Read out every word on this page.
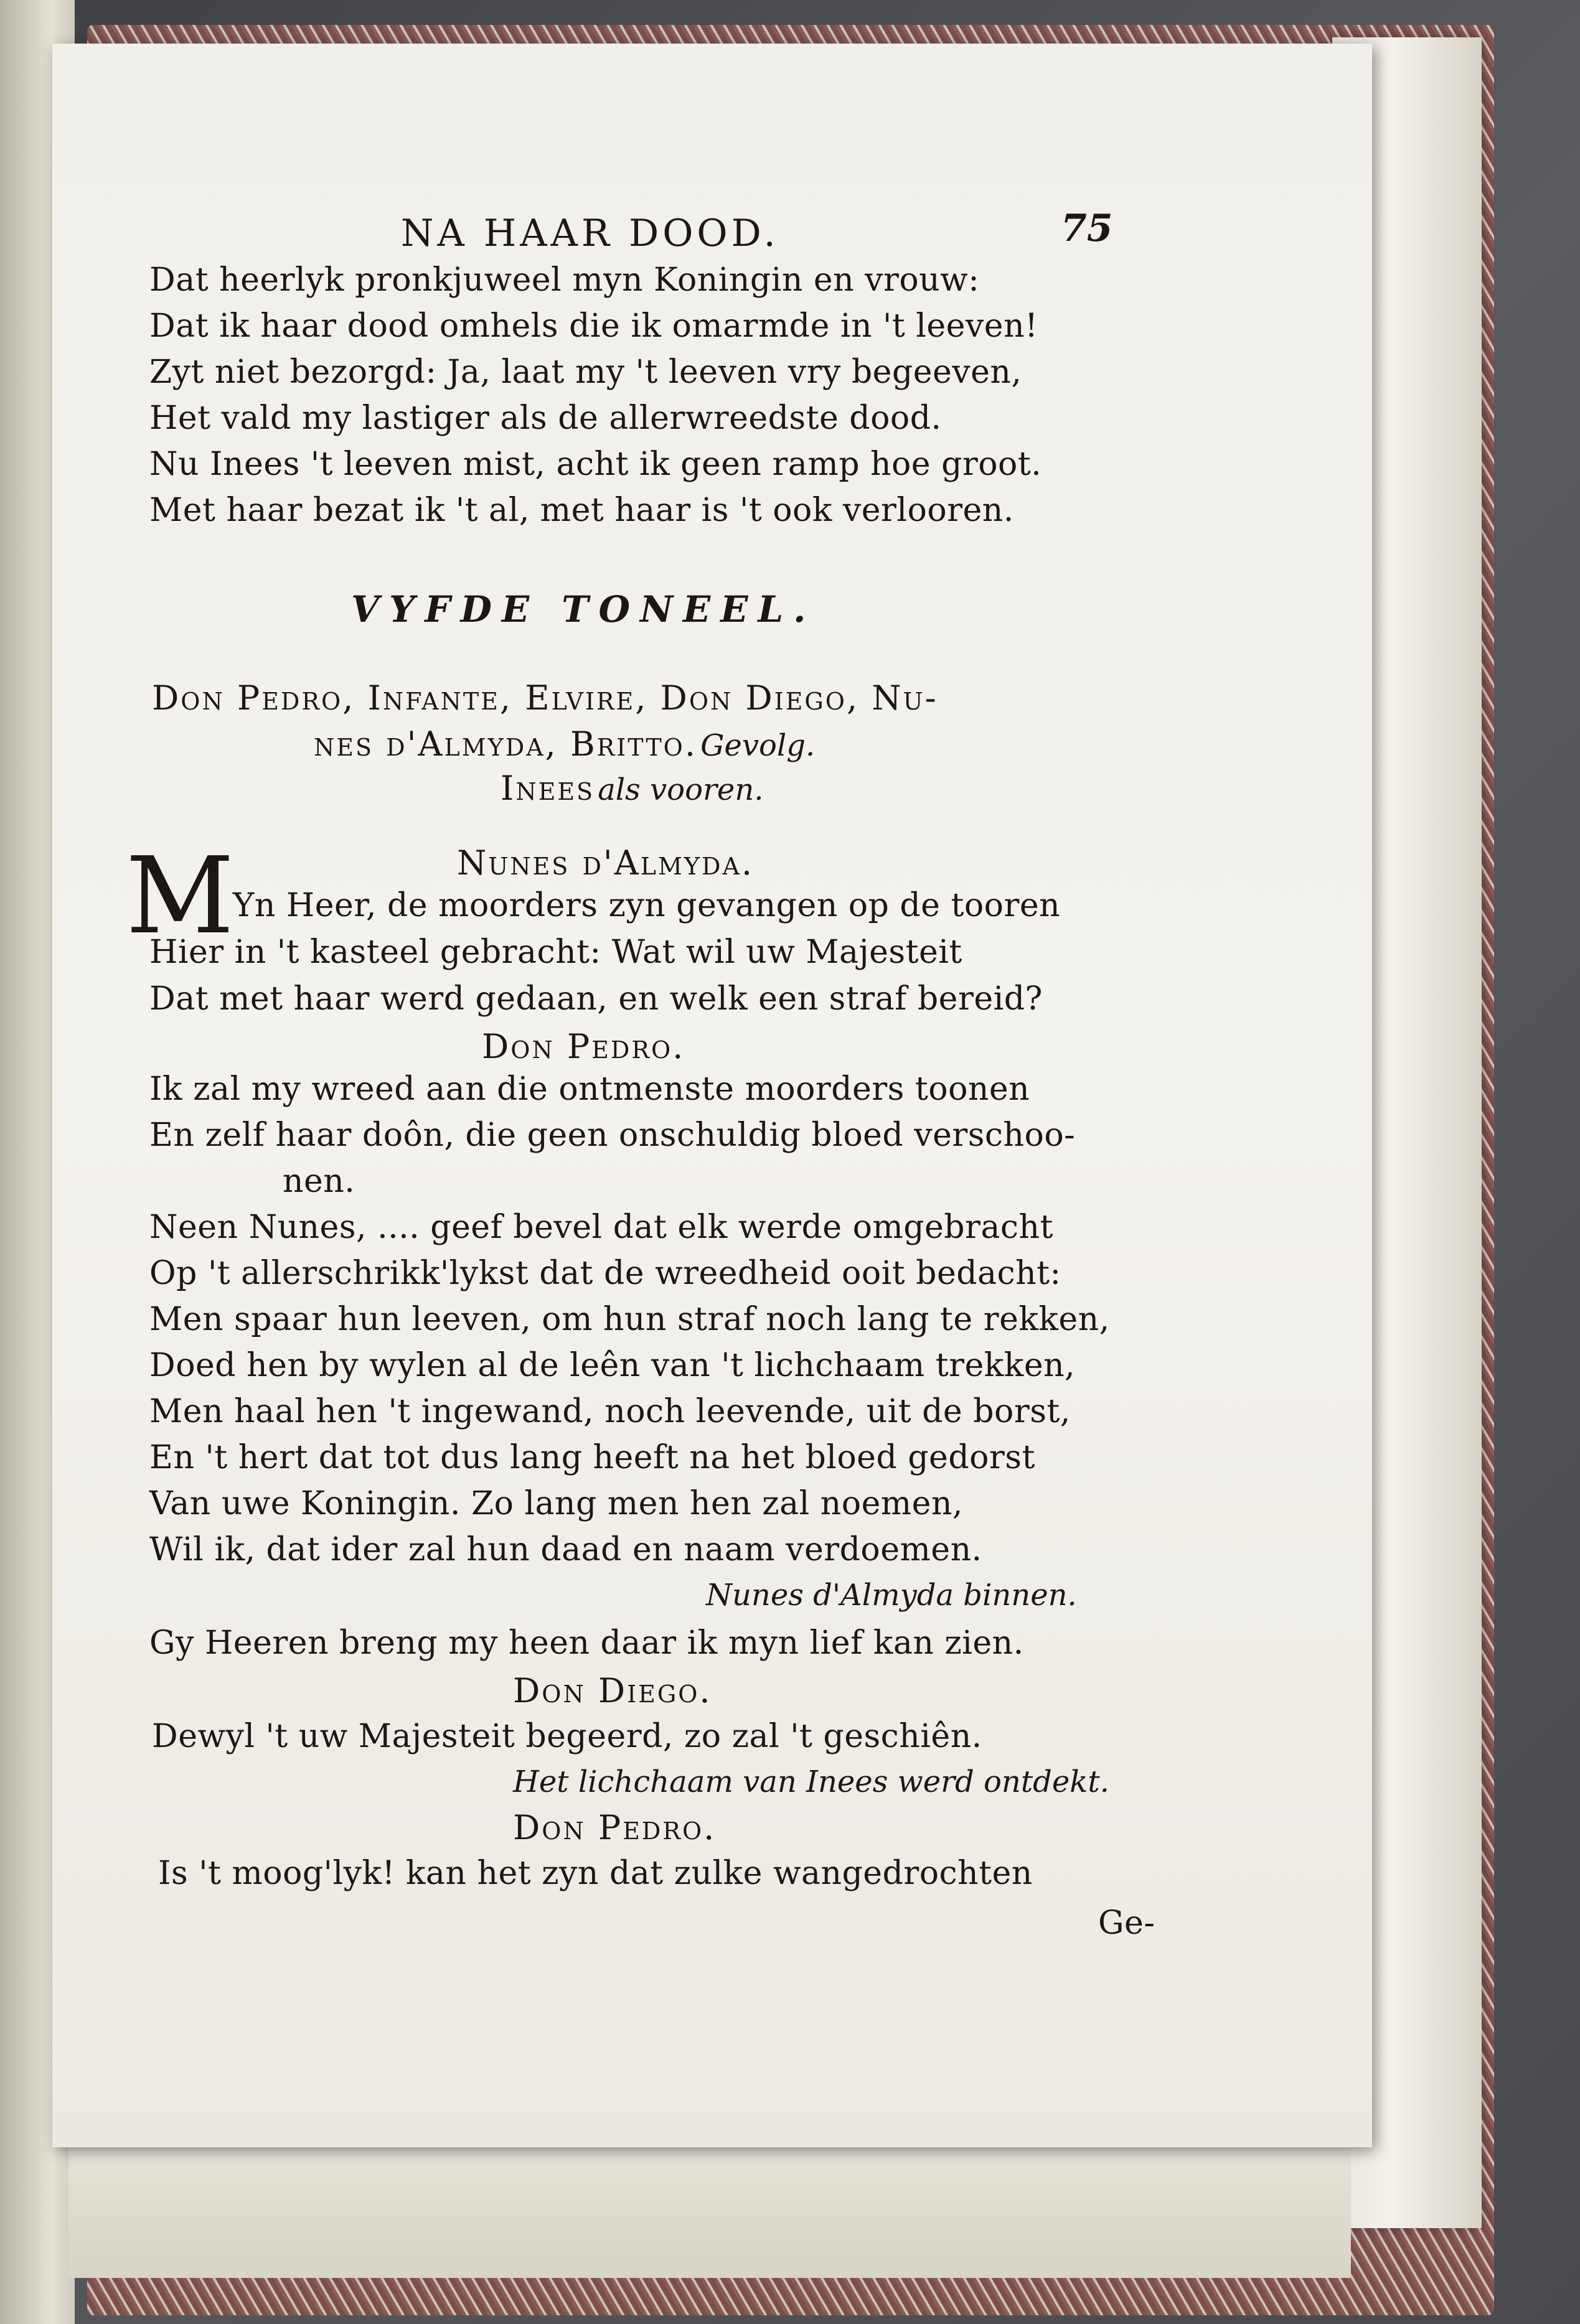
NA HAAR DOOD.	75
Dat heerlyk pronkjuweel myn Koningin en vrouw:
Dat ik haar dood omhels die ik omarmde in 't leeven!
Zyt niet bezorgd: Ja, laat my 't leeven vry begeeven,
Het vald my lastiger als de allerwreedste dood.
Nu Inees 't leeven mist, acht ik geen ramp hoe groot.
Met haar bezat ik 't al, met haar is 't ook verlooren.
VYFDE TONEEL.
Don Pedro, Infante, Elvire, Don Diego, Nu-
nes d'Almyda, Britto. Gevolg.
Inees als vooren.
Nunes d'Almyda.
M
Yn Heer, de moorders zyn gevangen op de tooren
Hier in 't kasteel gebracht: Wat wil uw Majesteit
Dat met haar werd gedaan, en welk een straf bereid?
Don Pedro.
Ik zal my wreed aan die ontmenste moorders toonen
En zelf haar doôn, die geen onschuldig bloed verschoo-
nen.
Neen Nunes, .... geef bevel dat elk werde omgebracht
Op 't allerschrikk'lykst dat de wreedheid ooit bedacht:
Men spaar hun leeven, om hun straf noch lang te rekken,
Doed hen by wylen al de leên van 't lichchaam trekken,
Men haal hen 't ingewand, noch leevende, uit de borst,
En 't hert dat tot dus lang heeft na het bloed gedorst
Van uwe Koningin. Zo lang men hen zal noemen,
Wil ik, dat ider zal hun daad en naam verdoemen.
Nunes d'Almyda binnen.
Gy Heeren breng my heen daar ik myn lief kan zien.
Don Diego.
Dewyl 't uw Majesteit begeerd, zo zal 't geschiên.
Het lichchaam van Inees werd ontdekt.
Don Pedro.
Is 't moog'lyk! kan het zyn dat zulke wangedrochten
Ge-
